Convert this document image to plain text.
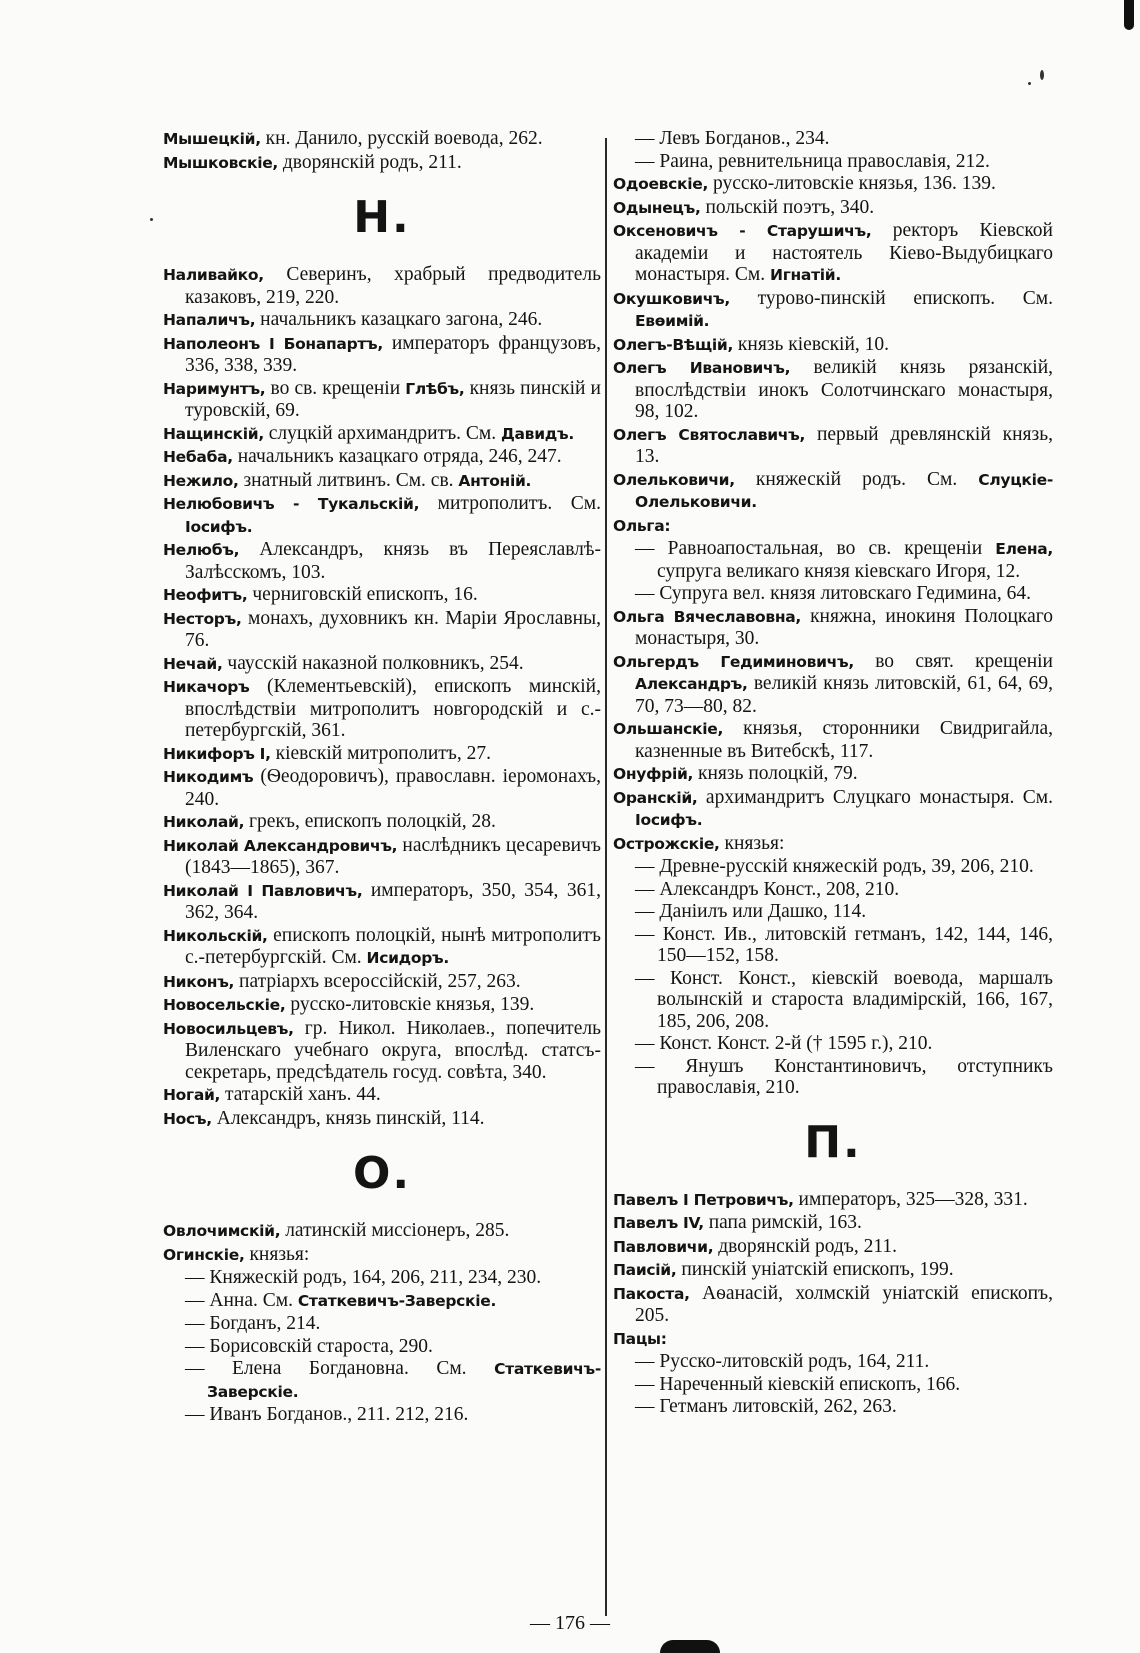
Мышецкій, кн. Данило, русскій воевода, 262.
Мышковскіе, дворянскій родъ, 211.
Н.
Наливайко, Северинъ, храбрый предводитель казаковъ, 219, 220.
Напаличъ, начальникъ казацкаго загона, 246.
Наполеонъ I Бонапартъ, императоръ французовъ, 336, 338, 339.
Наримунтъ, во св. крещеніи Глѣбъ, князь пинскій и туровскій, 69.
Нащинскій, слуцкій архимандритъ. См. Давидъ.
Небаба, начальникъ казацкаго отряда, 246, 247.
Нежило, знатный литвинъ. См. св. Антоній.
Нелюбовичъ - Тукальскій, митрополитъ. См. Іосифъ.
Нелюбъ, Александръ, князь въ Переяславлѣ-Залѣсскомъ, 103.
Неофитъ, черниговскій епископъ, 16.
Несторъ, монахъ, духовникъ кн. Маріи Ярославны, 76.
Нечай, чаусскій наказной полковникъ, 254.
Никачоръ (Клементьевскій), епископъ минскій, впослѣдствіи митрополитъ новгородскій и с.-петербургскій, 361.
Никифоръ I, кіевскій митрополитъ, 27.
Никодимъ (Ѳеодоровичъ), православн. іеромонахъ, 240.
Николай, грекъ, епископъ полоцкій, 28.
Николай Александровичъ, наслѣдникъ цесаревичъ (1843—1865), 367.
Николай I Павловичъ, императоръ, 350, 354, 361, 362, 364.
Никольскій, епископъ полоцкій, нынѣ митрополитъ с.-петербургскій. См. Исидоръ.
Никонъ, патріархъ всероссійскій, 257, 263.
Новосельскіе, русско-литовскіе князья, 139.
Новосильцевъ, гр. Никол. Николаев., попечитель Виленскаго учебнаго округа, впослѣд. статсъ-секретарь, предсѣдатель госуд. совѣта, 340.
Ногай, татарскій ханъ. 44.
Носъ, Александръ, князь пинскій, 114.
О.
Овлочимскій, латинскій миссіонеръ, 285.
Огинскіе, князья:
— Княжескій родъ, 164, 206, 211, 234, 230.
— Анна. См. Статкевичъ-Заверскіе.
— Богданъ, 214.
— Борисовскій староста, 290.
— Елена Богдановна. См. Статкевичъ-Заверскіе.
— Иванъ Богданов., 211. 212, 216.
— Левъ Богданов., 234.
— Раина, ревнительница православія, 212.
Одоевскіе, русско-литовскіе князья, 136. 139.
Одынецъ, польскій поэтъ, 340.
Оксеновичъ - Старушичъ, ректоръ Кіевской академіи и настоятель Кіево-Выдубицкаго монастыря. См. Игнатій.
Окушковичъ, турово-пинскій епископъ. См. Евѳимій.
Олегъ-Вѣщій, князь кіевскій, 10.
Олегъ Ивановичъ, великій князь рязанскій, впослѣдствіи инокъ Солотчинскаго монастыря, 98, 102.
Олегъ Святославичъ, первый древлянскій князь, 13.
Олельковичи, княжескій родъ. См. Слуцкіе-Олельковичи.
Ольга:
— Равноапостальная, во св. крещеніи Елена, супруга великаго князя кіевскаго Игоря, 12.
— Супруга вел. князя литовскаго Гедимина, 64.
Ольга Вячеславовна, княжна, инокиня Полоцкаго монастыря, 30.
Ольгердъ Гедиминовичъ, во свят. крещеніи Александръ, великій князь литовскій, 61, 64, 69, 70, 73—80, 82.
Ольшанскіе, князья, сторонники Свидригайла, казненные въ Витебскѣ, 117.
Онуфрій, князь полоцкій, 79.
Оранскій, архимандритъ Слуцкаго монастыря. См. Іосифъ.
Острожскіе, князья:
— Древне-русскій княжескій родъ, 39, 206, 210.
— Александръ Конст., 208, 210.
— Даніилъ или Дашко, 114.
— Конст. Ив., литовскій гетманъ, 142, 144, 146, 150—152, 158.
— Конст. Конст., кіевскій воевода, маршалъ волынскій и староста владимірскій, 166, 167, 185, 206, 208.
— Конст. Конст. 2-й († 1595 г.), 210.
— Янушъ Константиновичъ, отступникъ православія, 210.
П.
Павелъ I Петровичъ, императоръ, 325—328, 331.
Павелъ IV, папа римскій, 163.
Павловичи, дворянскій родъ, 211.
Паисій, пинскій уніатскій епископъ, 199.
Пакоста, Аѳанасій, холмскій уніатскій епископъ, 205.
Пацы:
— Русско-литовскій родъ, 164, 211.
— Нареченный кіевскій епископъ, 166.
— Гетманъ литовскій, 262, 263.
— 176 —
